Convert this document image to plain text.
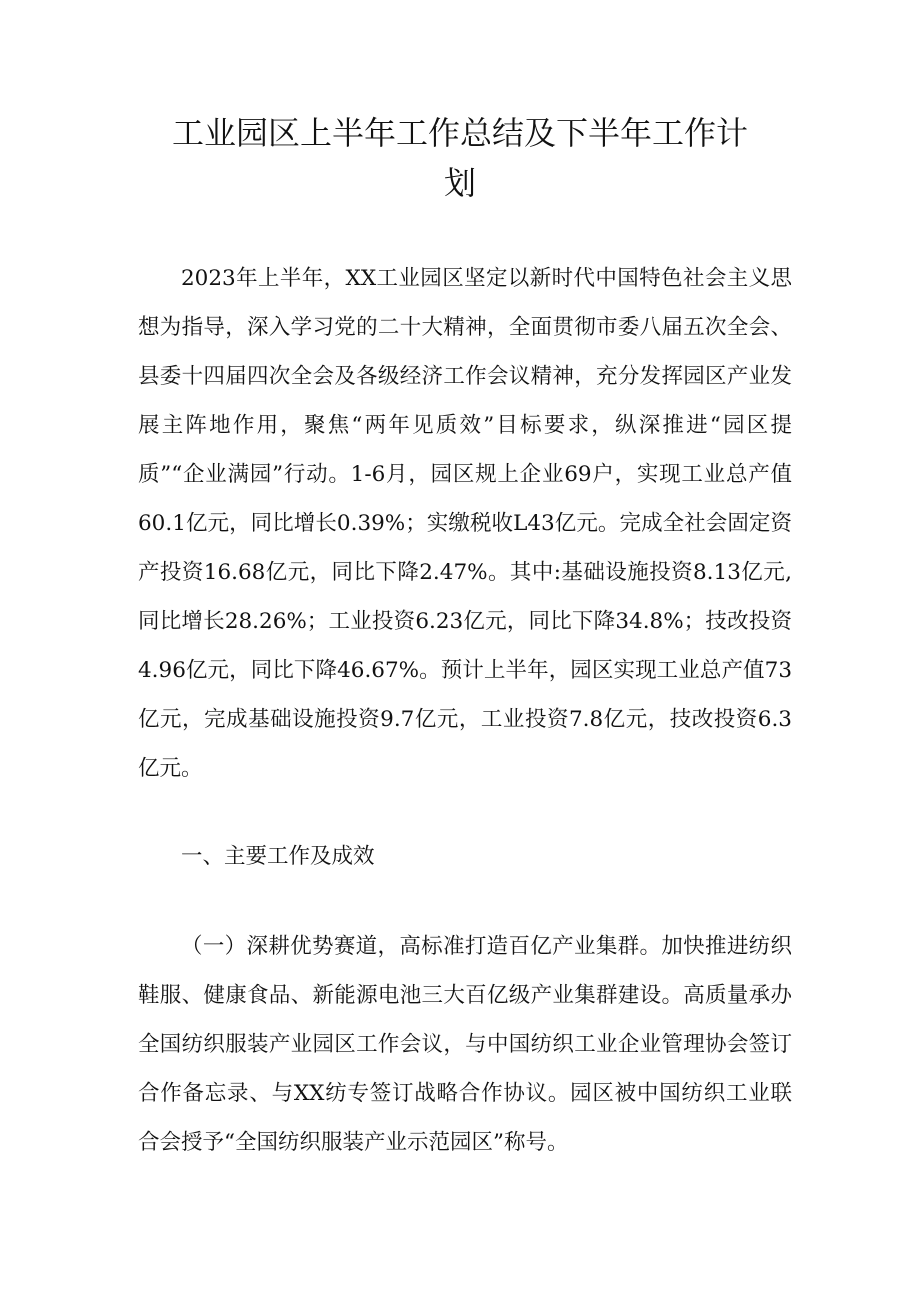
工业园区上半年工作总结及下半年工作计
划

2023年上半年，XX工业园区坚定以新时代中国特色社会主义思想为指导，深入学习党的二十大精神，全面贯彻市委八届五次全会、县委十四届四次全会及各级经济工作会议精神，充分发挥园区产业发展主阵地作用，聚焦“两年见质效”目标要求，纵深推进“园区提质”“企业满园”行动。1-6月，园区规上企业69户，实现工业总产值60.1亿元，同比增长0.39%；实缴税收L43亿元。完成全社会固定资产投资16.68亿元，同比下降2.47%。其中:基础设施投资8.13亿元,同比增长28.26%；工业投资6.23亿元，同比下降34.8%；技改投资4.96亿元，同比下降46.67%。预计上半年，园区实现工业总产值73亿元，完成基础设施投资9.7亿元，工业投资7.8亿元，技改投资6.3亿元。

一、主要工作及成效

（一）深耕优势赛道，高标准打造百亿产业集群。加快推进纺织鞋服、健康食品、新能源电池三大百亿级产业集群建设。高质量承办全国纺织服装产业园区工作会议，与中国纺织工业企业管理协会签订合作备忘录、与XX纺专签订战略合作协议。园区被中国纺织工业联合会授予“全国纺织服装产业示范园区”称号。
